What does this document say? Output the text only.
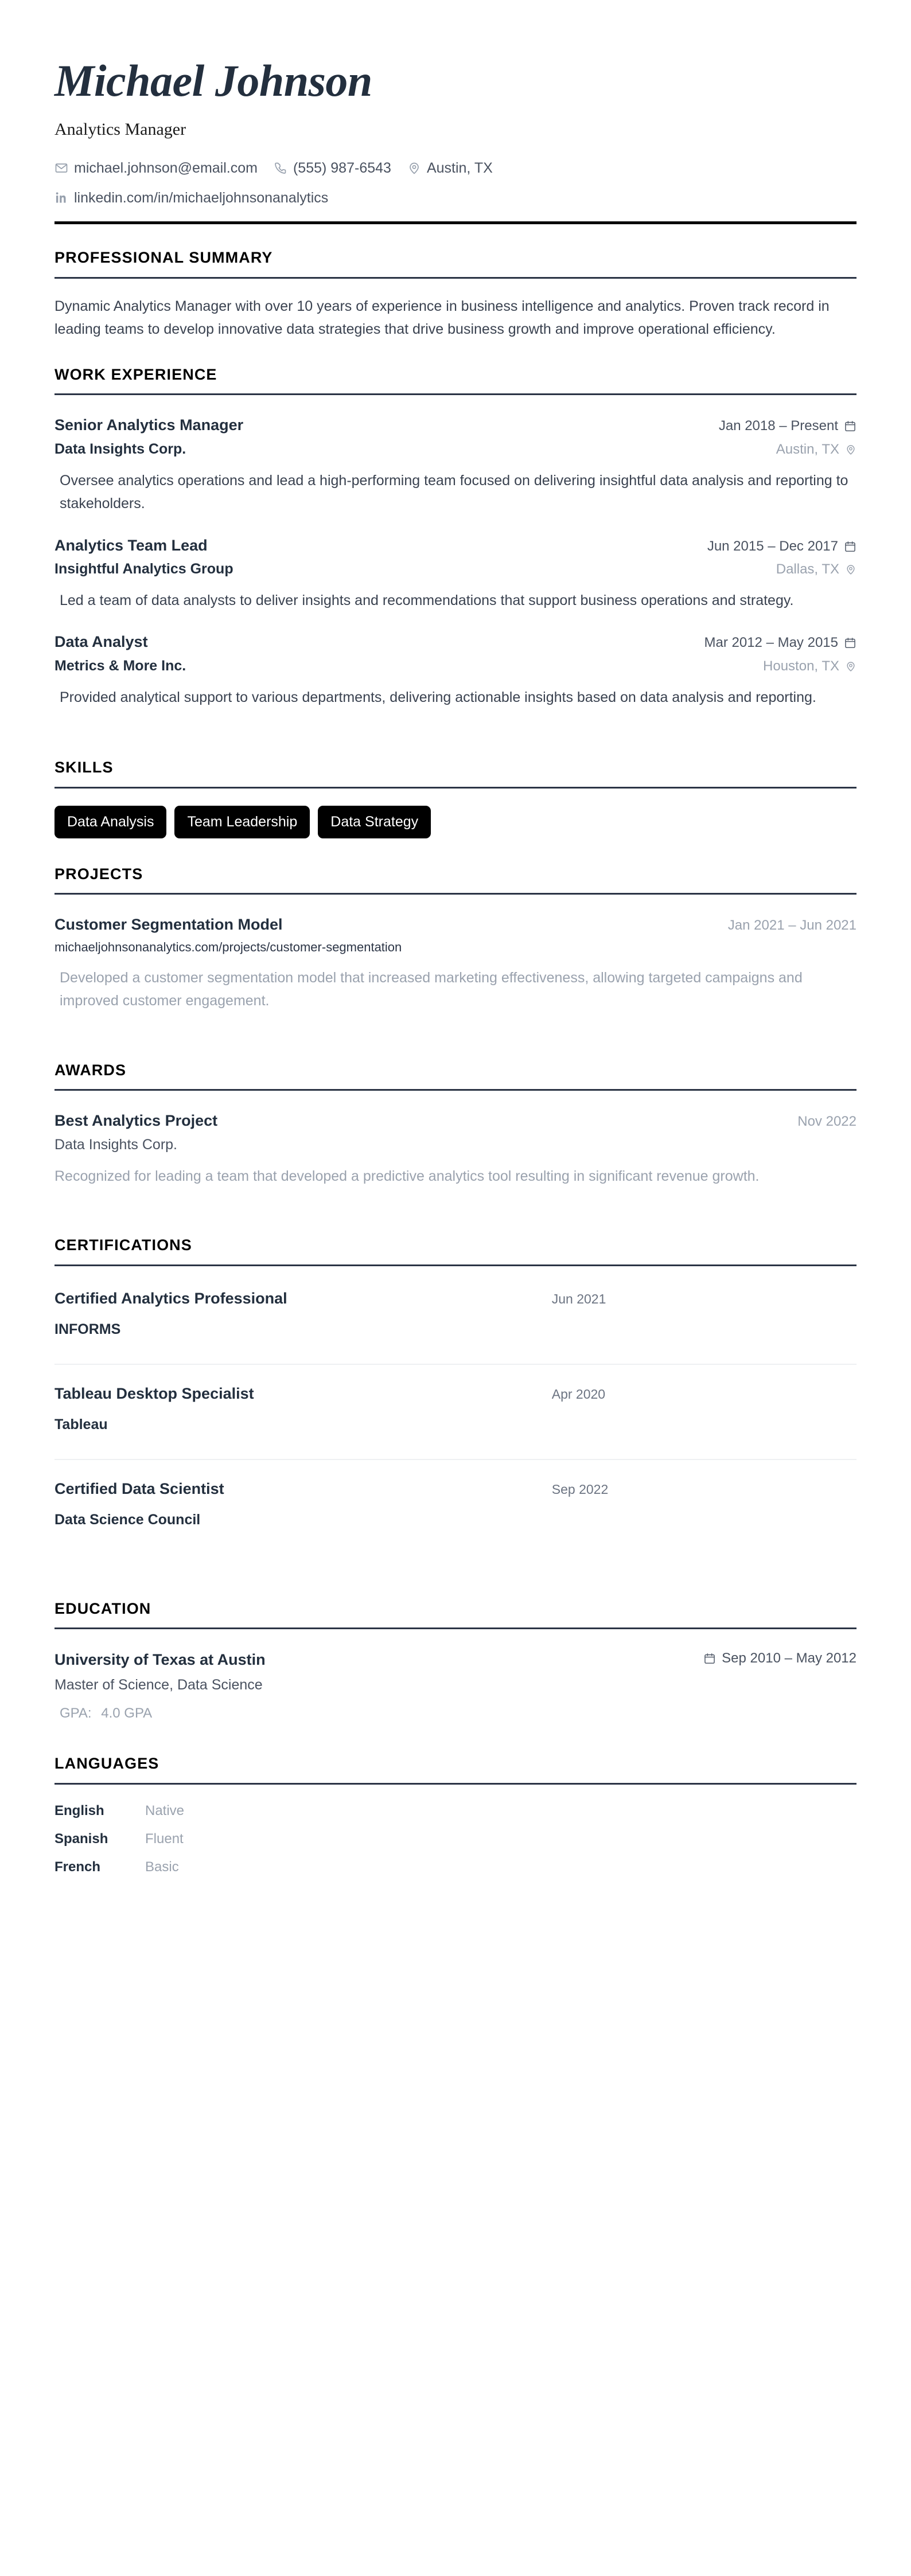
Michael Johnson
Analytics Manager
michael.johnson@email.com (555) 987-6543 Austin, TX
linkedin.com/in/michaeljohnsonanalytics
PROFESSIONAL SUMMARY
Dynamic Analytics Manager with over 10 years of experience in business intelligence and analytics. Proven track record in leading teams to develop innovative data strategies that drive business growth and improve operational efficiency.
WORK EXPERIENCE
Senior Analytics Manager	Jan 2018 – Present
Data Insights Corp.	Austin, TX
Oversee analytics operations and lead a high-performing team focused on delivering insightful data analysis and reporting to stakeholders.
Analytics Team Lead	Jun 2015 – Dec 2017
Insightful Analytics Group	Dallas, TX
Led a team of data analysts to deliver insights and recommendations that support business operations and strategy.
Data Analyst	Mar 2012 – May 2015
Metrics & More Inc.	Houston, TX
Provided analytical support to various departments, delivering actionable insights based on data analysis and reporting.
SKILLS
Data Analysis	Team Leadership	Data Strategy
PROJECTS
Customer Segmentation Model	Jan 2021 – Jun 2021
michaeljohnsonanalytics.com/projects/customer-segmentation
Developed a customer segmentation model that increased marketing effectiveness, allowing targeted campaigns and improved customer engagement.
AWARDS
Best Analytics Project	Nov 2022
Data Insights Corp.
Recognized for leading a team that developed a predictive analytics tool resulting in significant revenue growth.
CERTIFICATIONS
Certified Analytics Professional	Jun 2021
INFORMS
Tableau Desktop Specialist	Apr 2020
Tableau
Certified Data Scientist	Sep 2022
Data Science Council
EDUCATION
University of Texas at Austin	Sep 2010 – May 2012
Master of Science, Data Science
GPA: 4.0 GPA
LANGUAGES
English	Native
Spanish	Fluent
French	Basic
